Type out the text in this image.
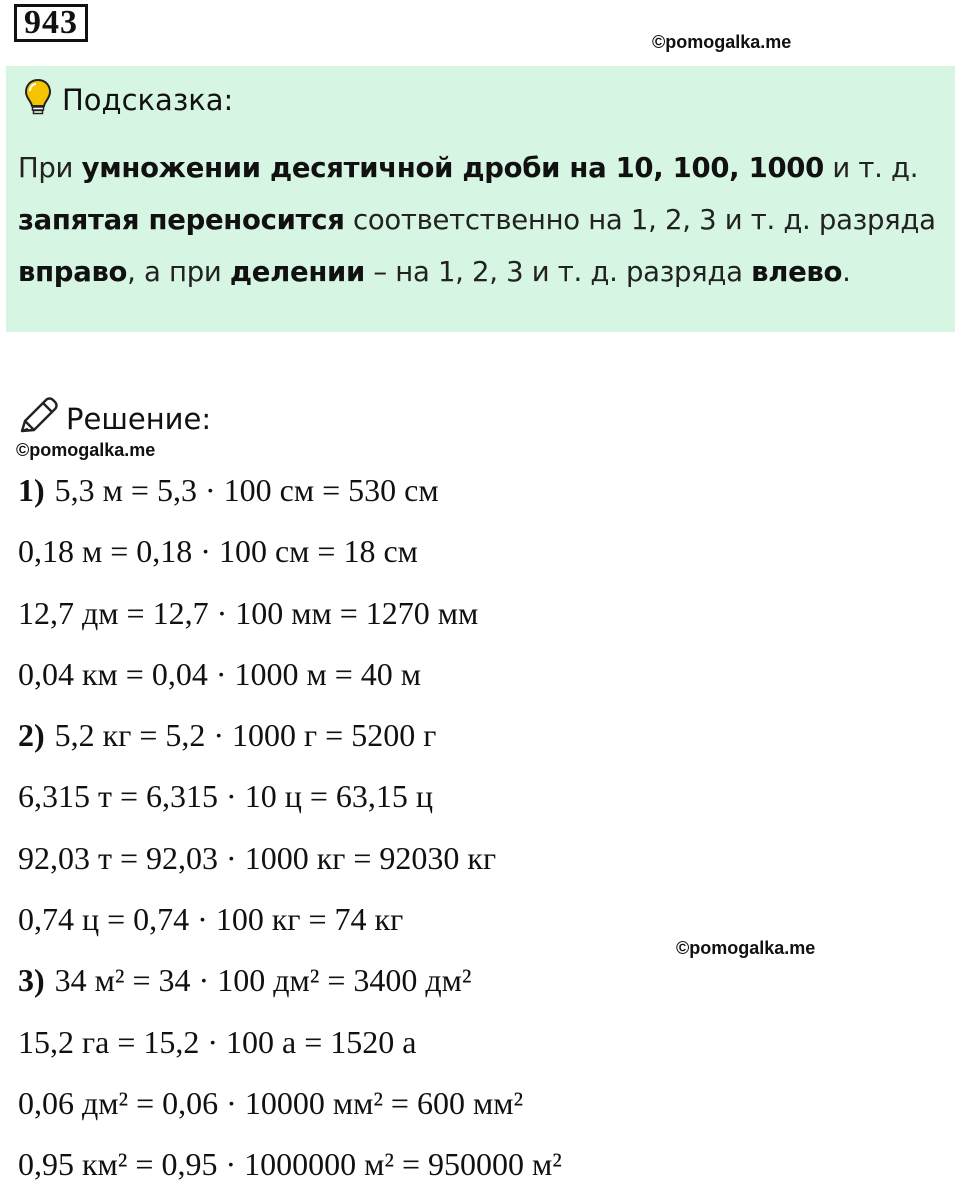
943
©pomogalka.me
Подсказка:
При умножении десятичной дроби на 10, 100, 1000 и т. д.
запятая переносится соответственно на 1, 2, 3 и т. д. разряда
вправо, а при делении – на 1, 2, 3 и т. д. разряда влево.
Решение:
©pomogalka.me
1) 5,3 м = 5,3 · 100 см = 530 см
0,18 м = 0,18 · 100 см = 18 см
12,7 дм = 12,7 · 100 мм = 1270 мм
0,04 км = 0,04 · 1000 м = 40 м
2) 5,2 кг = 5,2 · 1000 г = 5200 г
6,315 т = 6,315 · 10 ц = 63,15 ц
92,03 т = 92,03 · 1000 кг = 92030 кг
0,74 ц = 0,74 · 100 кг = 74 кг
3) 34 м² = 34 · 100 дм² = 3400 дм²
15,2 га = 15,2 · 100 а = 1520 а
0,06 дм² = 0,06 · 10000 мм² = 600 мм²
0,95 км² = 0,95 · 1000000 м² = 950000 м²
©pomogalka.me
